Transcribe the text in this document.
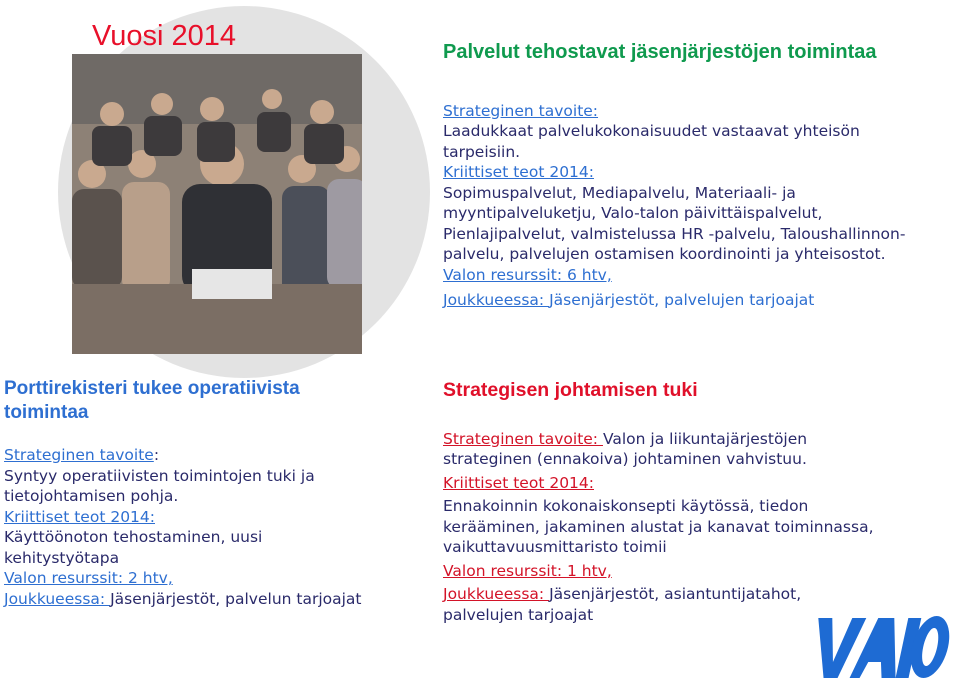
Vuosi 2014	Palvelut tehostavat jäsenjärjestöjen toimintaa

Strateginen tavoite:

Laadukkaat palvelukokonaisuudet vastaavat yhteisön

tarpeisiin.

Kriittiset teot 2014:

Sopimuspalvelut, Mediapalvelu, Materiaali- ja

myyntipalveluketju, Valo-talon päivittäispalvelut,

Pienlajipalvelut, valmistelussa HR -palvelu, Taloushallinnon-

palvelu, palvelujen ostamisen koordinointi ja yhteisostot.

Valon resurssit: 6 htv,

Joukkueessa: Jäsenjärjestöt, palvelujen tarjoajat

Porttirekisteri tukee operatiivista

toimintaa

Strateginen tavoite:

Syntyy operatiivisten toimintojen tuki ja

tietojohtamisen pohja.

Kriittiset teot 2014:

Käyttöönoton tehostaminen, uusi

kehitystyötapa

Valon resurssit: 2 htv,

Joukkueessa: Jäsenjärjestöt, palvelun tarjoajat

Strategisen johtamisen tuki

Strateginen tavoite: Valon ja liikuntajärjestöjen

strateginen (ennakoiva) johtaminen vahvistuu.

Kriittiset teot 2014:

Ennakoinnin kokonaiskonsepti käytössä, tiedon

kerääminen, jakaminen alustat ja kanavat toiminnassa,

vaikuttavuusmittaristo toimii

Valon resurssit: 1 htv,

Joukkueessa: Jäsenjärjestöt, asiantuntijatahot,

palvelujen tarjoajat
